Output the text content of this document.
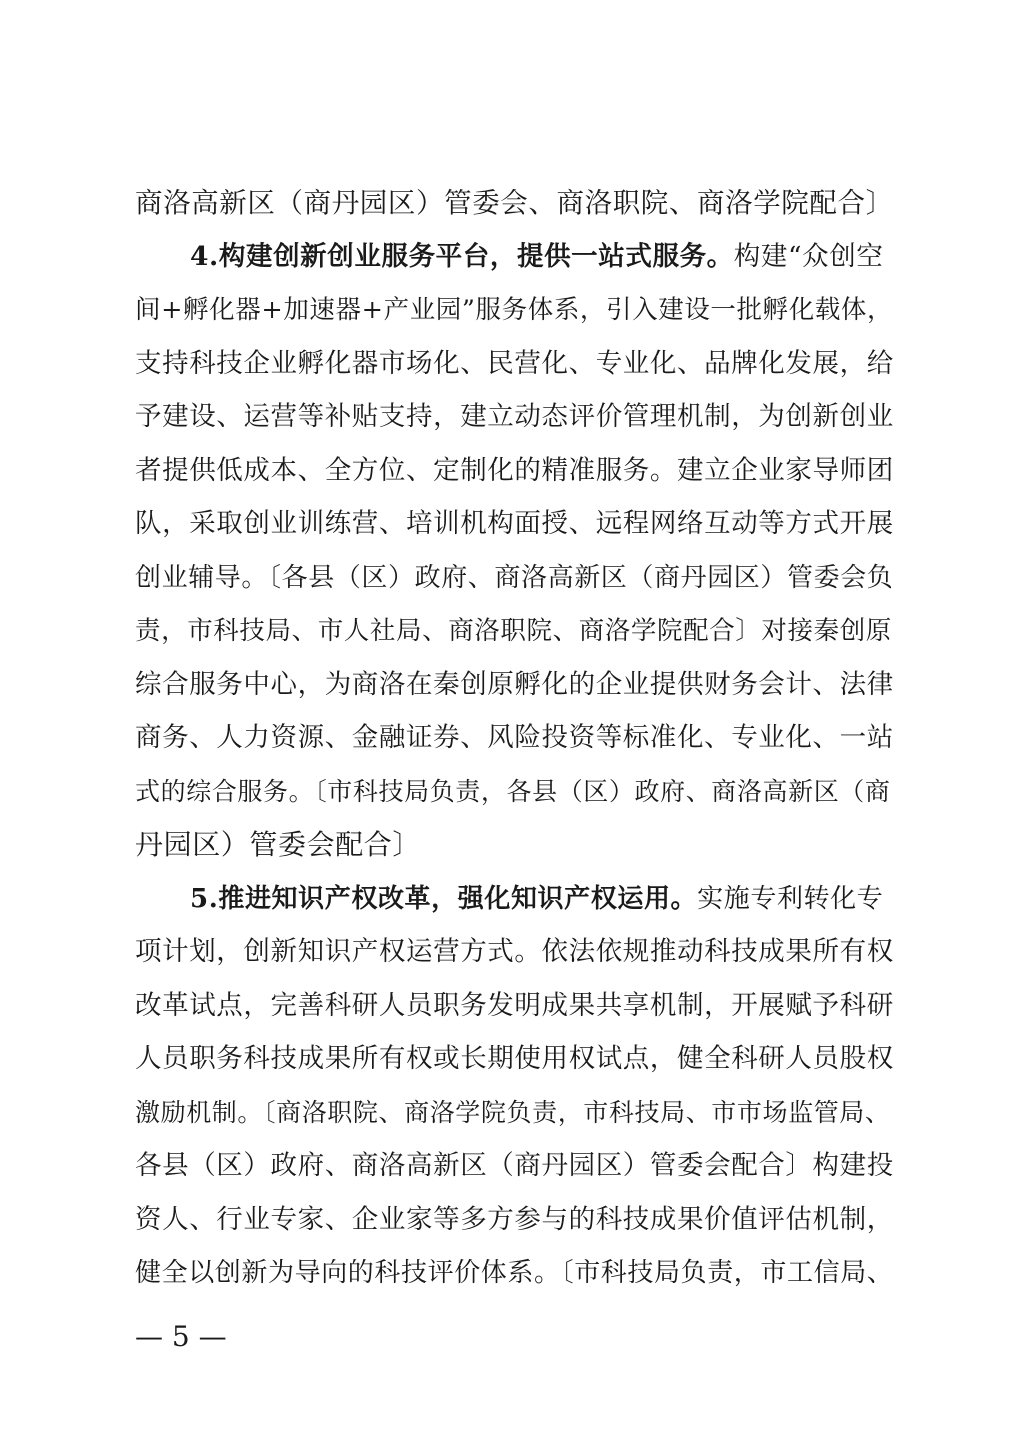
商洛高新区（商丹园区）管委会、商洛职院、商洛学院配合〕
4.构建创新创业服务平台，提供一站式服务。构建“众创空
间+孵化器+加速器+产业园”服务体系，引入建设一批孵化载体，
支持科技企业孵化器市场化、民营化、专业化、品牌化发展，给
予建设、运营等补贴支持，建立动态评价管理机制，为创新创业
者提供低成本、全方位、定制化的精准服务。建立企业家导师团
队，采取创业训练营、培训机构面授、远程网络互动等方式开展
创业辅导。〔各县（区）政府、商洛高新区（商丹园区）管委会负
责，市科技局、市人社局、商洛职院、商洛学院配合〕对接秦创原
综合服务中心，为商洛在秦创原孵化的企业提供财务会计、法律
商务、人力资源、金融证券、风险投资等标准化、专业化、一站
式的综合服务。〔市科技局负责，各县（区）政府、商洛高新区（商
丹园区）管委会配合〕
5.推进知识产权改革，强化知识产权运用。实施专利转化专
项计划，创新知识产权运营方式。依法依规推动科技成果所有权
改革试点，完善科研人员职务发明成果共享机制，开展赋予科研
人员职务科技成果所有权或长期使用权试点，健全科研人员股权
激励机制。〔商洛职院、商洛学院负责，市科技局、市市场监管局、
各县（区）政府、商洛高新区（商丹园区）管委会配合〕构建投
资人、行业专家、企业家等多方参与的科技成果价值评估机制，
健全以创新为导向的科技评价体系。〔市科技局负责，市工信局、
— 5 —
